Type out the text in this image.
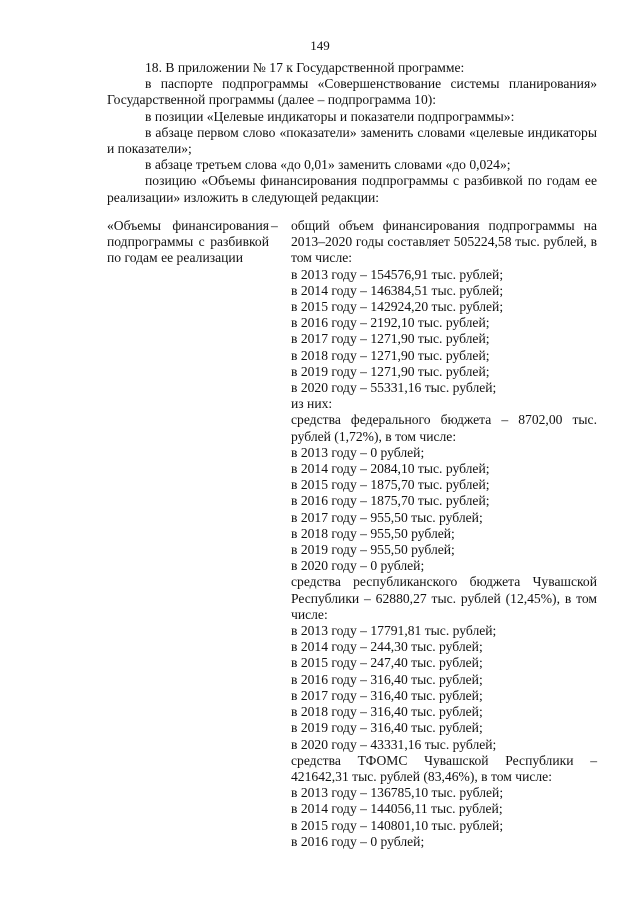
149

18. В приложении № 17 к Государственной программе:

в паспорте подпрограммы «Совершенствование системы планирования» Государственной программы (далее – подпрограмма 10):

в позиции «Целевые индикаторы и показатели подпрограммы»:

в абзаце первом слово «показатели» заменить словами «целевые индикаторы и показатели»;

в абзаце третьем слова «до 0,01» заменить словами «до 0,024»;

позицию «Объемы финансирования подпрограммы с разбивкой по годам ее реализации» изложить в следующей редакции:

«Объемы финансирования подпрограммы с разбивкой по годам ее реализации
– общий объем финансирования подпрограммы на 2013–2020 годы составляет 505224,58 тыс. рублей, в том числе:

в 2013 году – 154576,91 тыс. рублей;

в 2014 году – 146384,51 тыс. рублей;

в 2015 году – 142924,20 тыс. рублей;

в 2016 году – 2192,10 тыс. рублей;

в 2017 году – 1271,90 тыс. рублей;

в 2018 году – 1271,90 тыс. рублей;

в 2019 году – 1271,90 тыс. рублей;

в 2020 году – 55331,16 тыс. рублей;

из них:

средства федерального бюджета – 8702,00 тыс. рублей (1,72%), в том числе:

в 2013 году – 0 рублей;

в 2014 году – 2084,10 тыс. рублей;

в 2015 году – 1875,70 тыс. рублей;

в 2016 году – 1875,70 тыс. рублей;

в 2017 году – 955,50 тыс. рублей;

в 2018 году – 955,50 рублей;

в 2019 году – 955,50 рублей;

в 2020 году – 0 рублей;

средства республиканского бюджета Чувашской Республики – 62880,27 тыс. рублей (12,45%), в том числе:

в 2013 году – 17791,81 тыс. рублей;

в 2014 году – 244,30 тыс. рублей;

в 2015 году – 247,40 тыс. рублей;

в 2016 году – 316,40 тыс. рублей;

в 2017 году – 316,40 тыс. рублей;

в 2018 году – 316,40 тыс. рублей;

в 2019 году – 316,40 тыс. рублей;

в 2020 году – 43331,16 тыс. рублей;

средства ТФОМС Чувашской Республики – 421642,31 тыс. рублей (83,46%), в том числе:

в 2013 году – 136785,10 тыс. рублей;

в 2014 году – 144056,11 тыс. рублей;

в 2015 году – 140801,10 тыс. рублей;

в 2016 году – 0 рублей;
